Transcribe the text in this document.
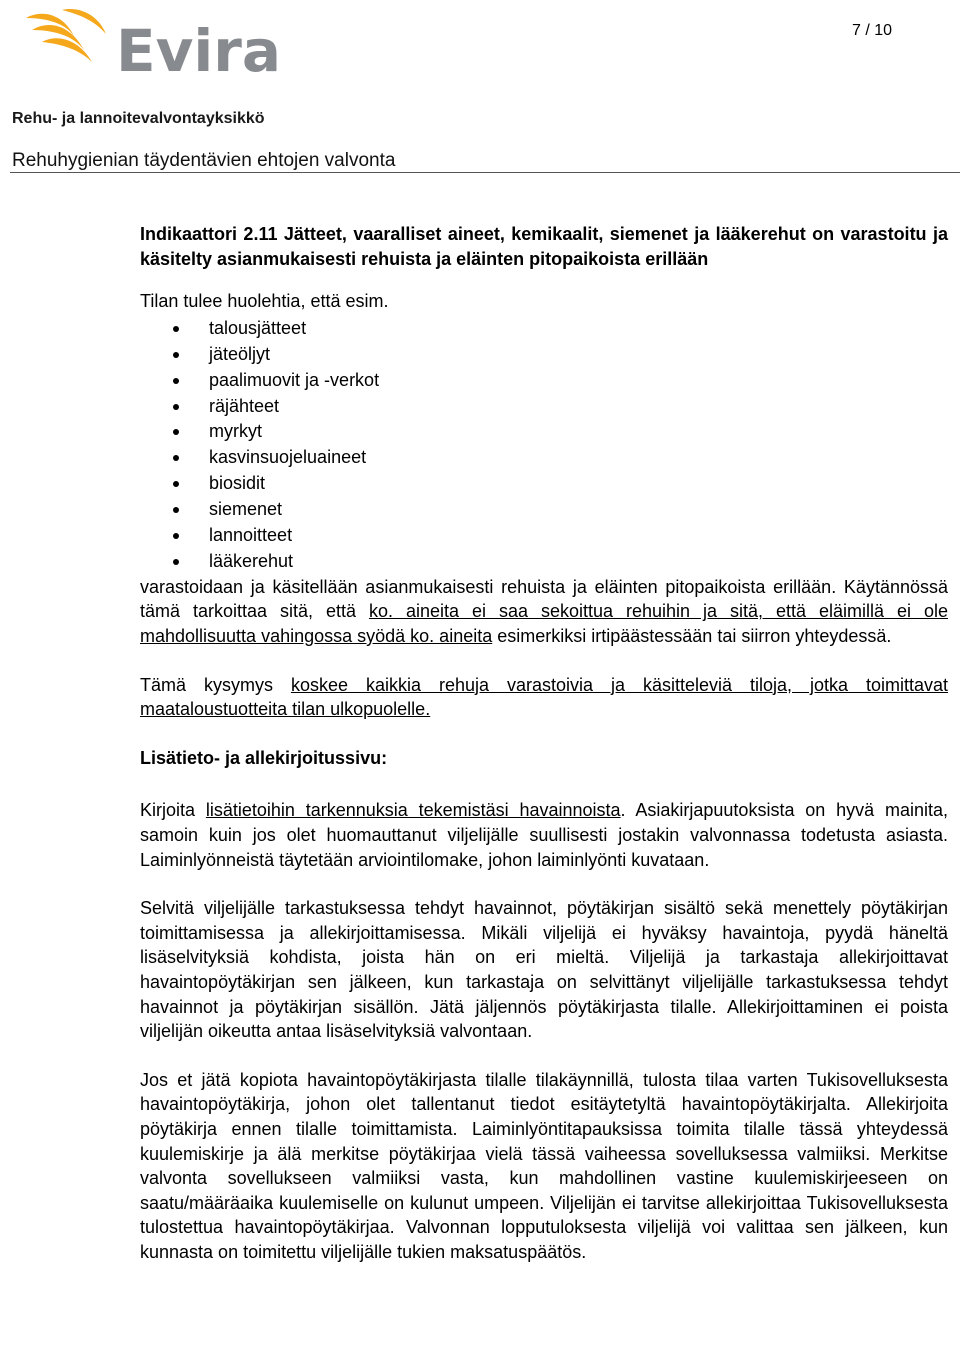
Evira	7 / 10
Rehu- ja lannoitevalvontayksikkö
Rehuhygienian täydentävien ehtojen valvonta

Indikaattori 2.11 Jätteet, vaaralliset aineet, kemikaalit, siemenet ja lääkerehut on varastoitu ja käsitelty asianmukaisesti rehuista ja eläinten pitopaikoista erillään

Tilan tulee huolehtia, että esim.

talousjätteet
jäteöljyt
paalimuovit ja -verkot
räjähteet
myrkyt
kasvinsuojeluaineet
biosidit
siemenet
lannoitteet
lääkerehut

varastoidaan ja käsitellään asianmukaisesti rehuista ja eläinten pitopaikoista erillään. Käytännössä tämä tarkoittaa sitä, että ko. aineita ei saa sekoittua rehuihin ja sitä, että eläimillä ei ole mahdollisuutta vahingossa syödä ko. aineita esimerkiksi irtipäästessään tai siirron yhteydessä.

Tämä kysymys koskee kaikkia rehuja varastoivia ja käsitteleviä tiloja, jotka toimittavat maataloustuotteita tilan ulkopuolelle.

Lisätieto- ja allekirjoitussivu:

Kirjoita lisätietoihin tarkennuksia tekemistäsi havainnoista. Asiakirjapuutoksista on hyvä mainita, samoin kuin jos olet huomauttanut viljelijälle suullisesti jostakin valvonnassa todetusta asiasta. Laiminlyönneistä täytetään arviointilomake, johon laiminlyönti kuvataan.

Selvitä viljelijälle tarkastuksessa tehdyt havainnot, pöytäkirjan sisältö sekä menettely pöytäkirjan toimittamisessa ja allekirjoittamisessa. Mikäli viljelijä ei hyväksy havaintoja, pyydä häneltä lisäselvityksiä kohdista, joista hän on eri mieltä. Viljelijä ja tarkastaja allekirjoittavat havaintopöytäkirjan sen jälkeen, kun tarkastaja on selvittänyt viljelijälle tarkastuksessa tehdyt havainnot ja pöytäkirjan sisällön. Jätä jäljennös pöytäkirjasta tilalle. Allekirjoittaminen ei poista viljelijän oikeutta antaa lisäselvityksiä valvontaan.

Jos et jätä kopiota havaintopöytäkirjasta tilalle tilakäynnillä, tulosta tilaa varten Tukisovelluksesta havaintopöytäkirja, johon olet tallentanut tiedot esitäytetyltä havaintopöytäkirjalta. Allekirjoita pöytäkirja ennen tilalle toimittamista. Laiminlyöntitapauksissa toimita tilalle tässä yhteydessä kuulemiskirje ja älä merkitse pöytäkirjaa vielä tässä vaiheessa sovelluksessa valmiiksi. Merkitse valvonta sovellukseen valmiiksi vasta, kun mahdollinen vastine kuulemiskirjeeseen on saatu/määräaika kuulemiselle on kulunut umpeen. Viljelijän ei tarvitse allekirjoittaa Tukisovelluksesta tulostettua havaintopöytäkirjaa. Valvonnan lopputuloksesta viljelijä voi valittaa sen jälkeen, kun kunnasta on toimitettu viljelijälle tukien maksatuspäätös.
